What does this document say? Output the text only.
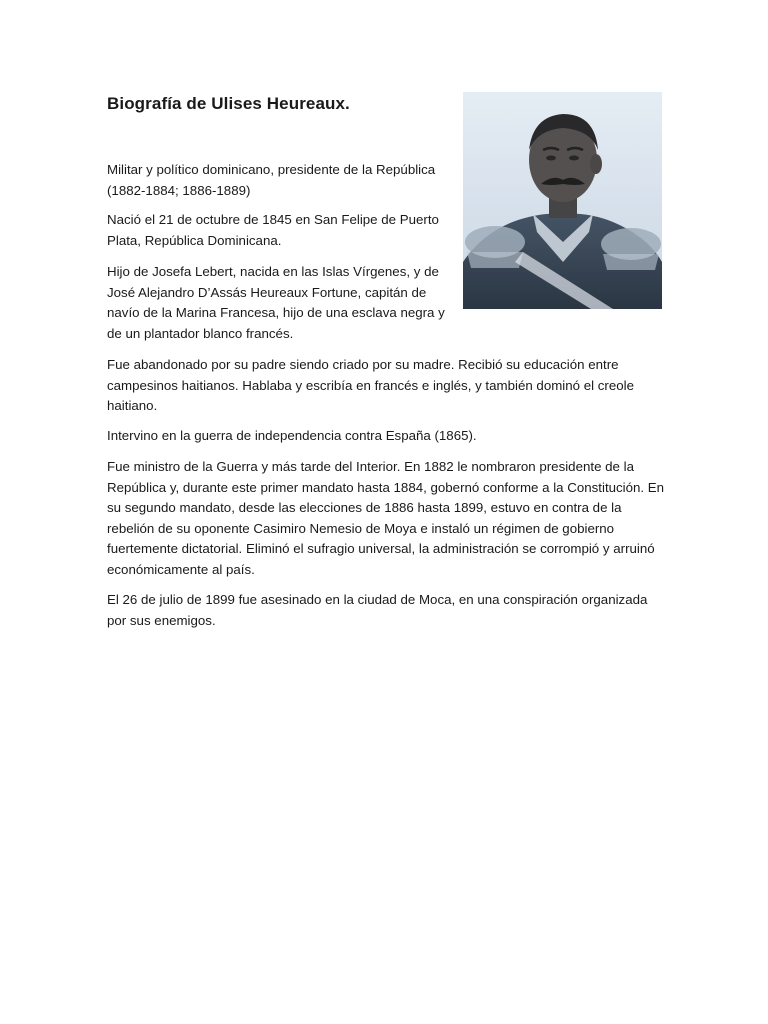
Biografía de Ulises Heureaux.

Militar y político dominicano, presidente de la República (1882-1884; 1886-1889)

Nació el 21 de octubre de 1845 en San Felipe de Puerto Plata, República Dominicana.

Hijo de Josefa Lebert, nacida en las Islas Vírgenes, y de José Alejandro D’Assás Heureaux Fortune, capitán de navío de la Marina Francesa, hijo de una esclava negra y de un plantador blanco francés.

Fue abandonado por su padre siendo criado por su madre. Recibió su educación entre campesinos haitianos. Hablaba y escribía en francés e inglés, y también dominó el creole haitiano.

Intervino en la guerra de independencia contra España (1865).

Fue ministro de la Guerra y más tarde del Interior. En 1882 le nombraron presidente de la República y, durante este primer mandato hasta 1884, gobernó conforme a la Constitución. En su segundo mandato, desde las elecciones de 1886 hasta 1899, estuvo en contra de la rebelión de su oponente Casimiro Nemesio de Moya e instaló un régimen de gobierno fuertemente dictatorial. Eliminó el sufragio universal, la administración se corrompió y arruinó económicamente al país.

El 26 de julio de 1899 fue asesinado en la ciudad de Moca, en una conspiración organizada por sus enemigos.
